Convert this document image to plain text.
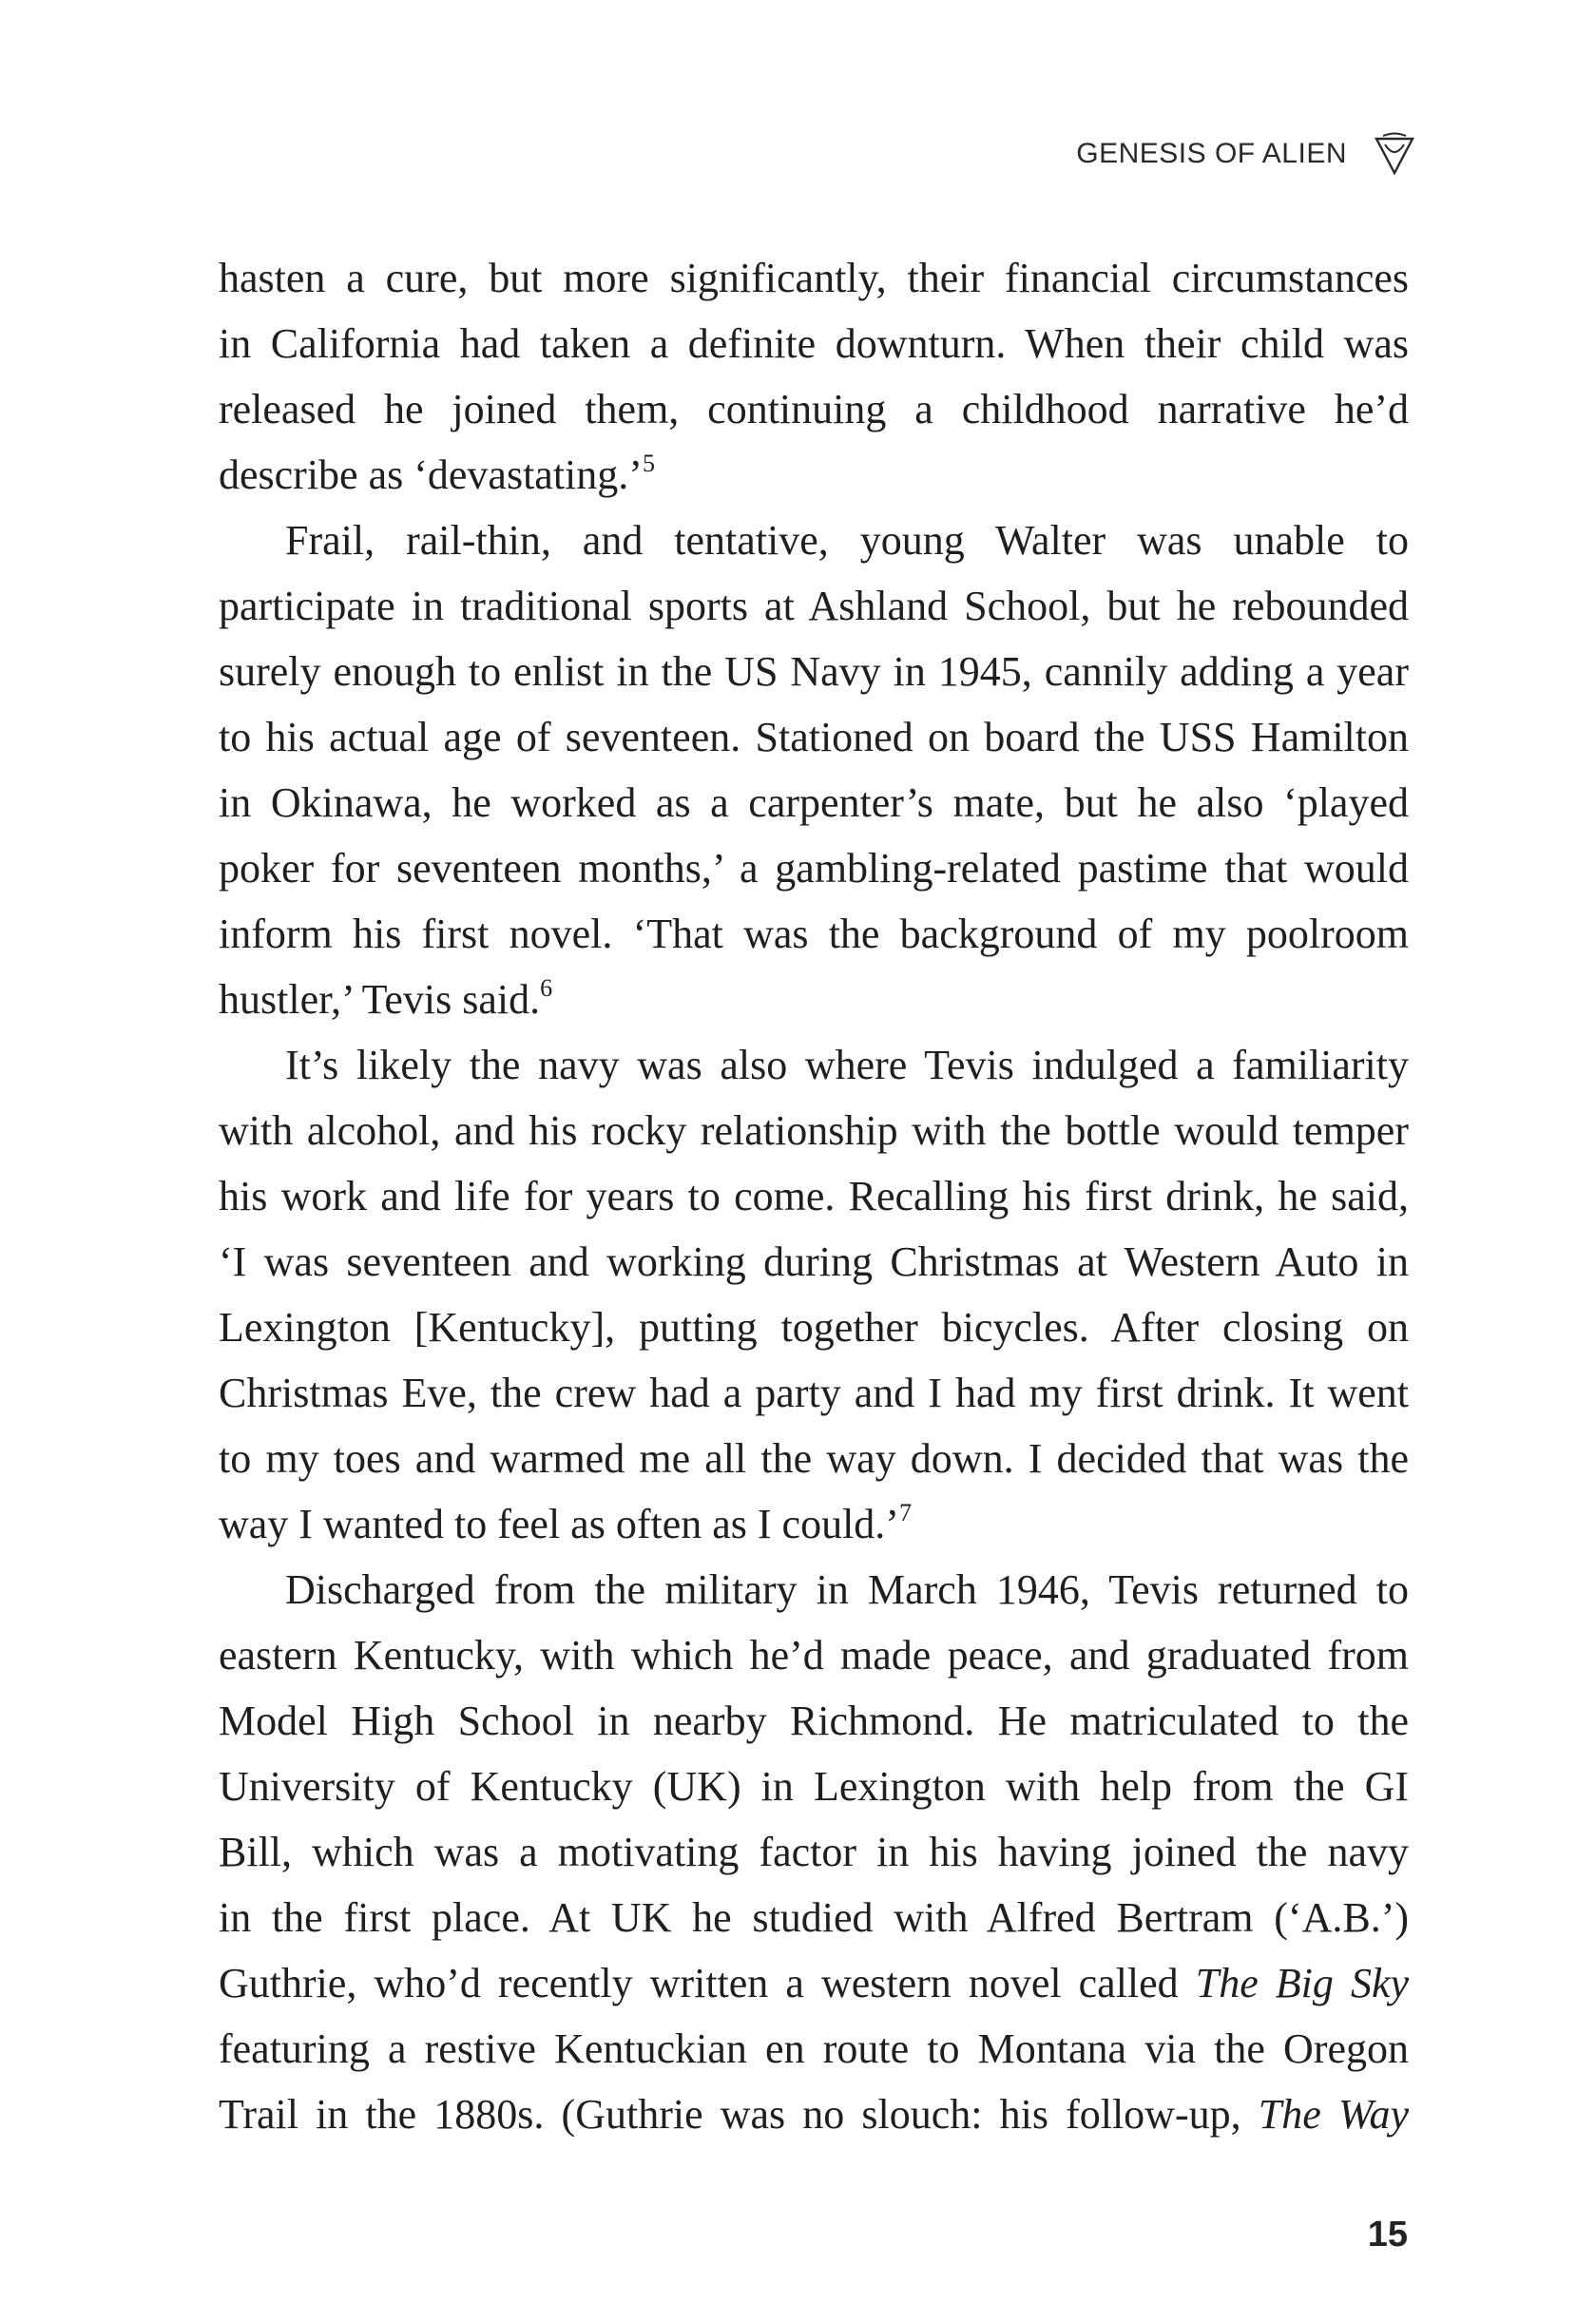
GENESIS OF ALIEN

hasten a cure, but more significantly, their financial circumstances
in California had taken a definite downturn. When their child was
released he joined them, continuing a childhood narrative he’d
describe as ‘devastating.’$^5$

Frail, rail-thin, and tentative, young Walter was unable to
participate in traditional sports at Ashland School, but he rebounded
surely enough to enlist in the US Navy in 1945, cannily adding a year
to his actual age of seventeen. Stationed on board the USS Hamilton
in Okinawa, he worked as a carpenter’s mate, but he also ‘played
poker for seventeen months,’ a gambling-related pastime that would
inform his first novel. ‘That was the background of my poolroom
hustler,’ Tevis said.$^6$

It’s likely the navy was also where Tevis indulged a familiarity
with alcohol, and his rocky relationship with the bottle would temper
his work and life for years to come. Recalling his first drink, he said,
‘I was seventeen and working during Christmas at Western Auto in
Lexington [Kentucky], putting together bicycles. After closing on
Christmas Eve, the crew had a party and I had my first drink. It went
to my toes and warmed me all the way down. I decided that was the
way I wanted to feel as often as I could.’$^7$

Discharged from the military in March 1946, Tevis returned to
eastern Kentucky, with which he’d made peace, and graduated from
Model High School in nearby Richmond. He matriculated to the
University of Kentucky (UK) in Lexington with help from the GI
Bill, which was a motivating factor in his having joined the navy
in the first place. At UK he studied with Alfred Bertram (‘A.B.’)
Guthrie, who’d recently written a western novel called The Big Sky
featuring a restive Kentuckian en route to Montana via the Oregon
Trail in the 1880s. (Guthrie was no slouch: his follow-up, The Way

15
